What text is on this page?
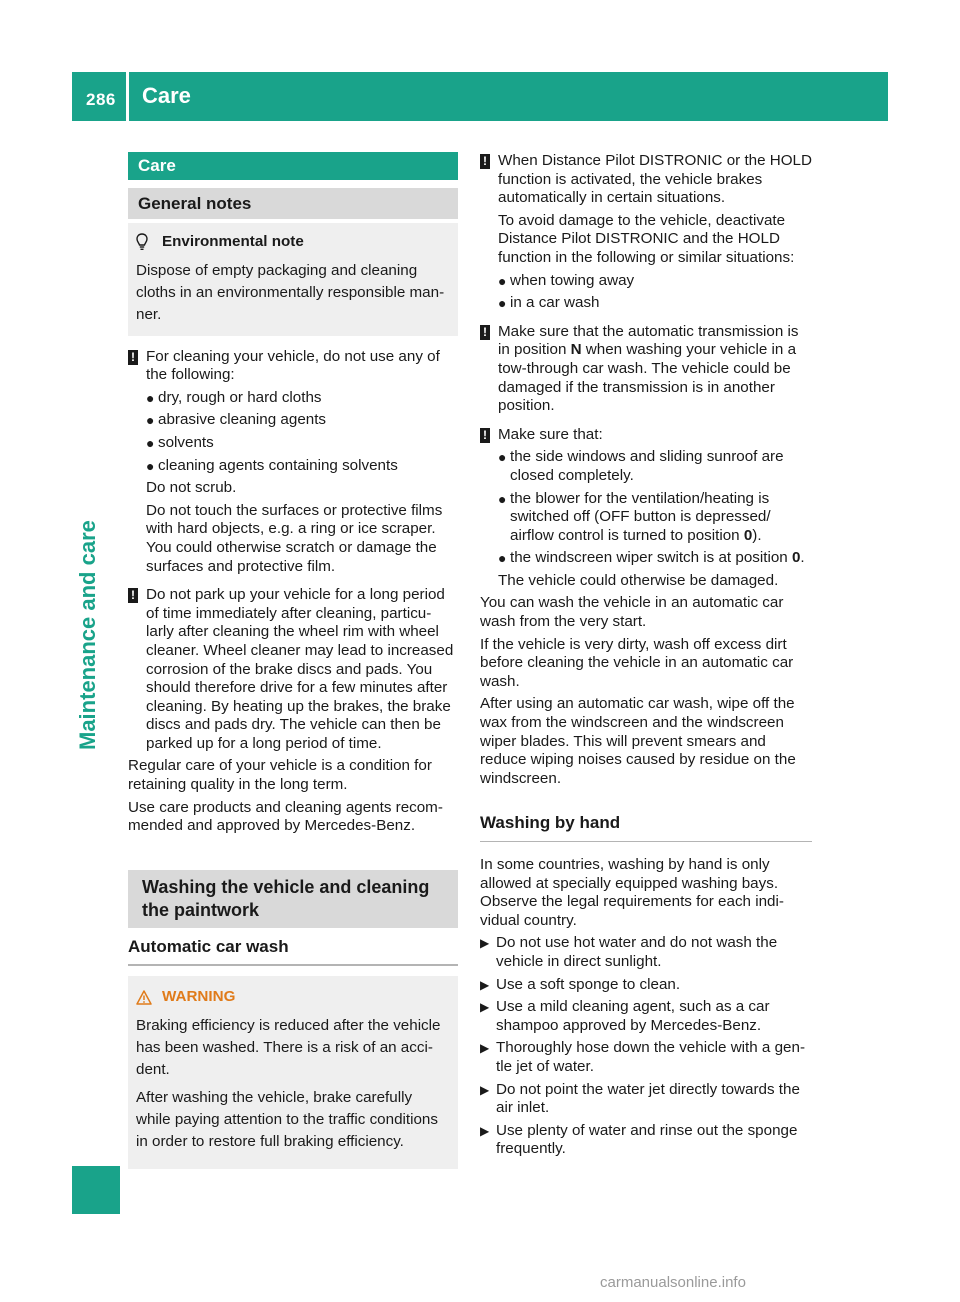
286 Care
Maintenance and care
Care
General notes
Environmental note
Dispose of empty packaging and cleaning
cloths in an environmentally responsible man-
ner.
! For cleaning your vehicle, do not use any of
the following:
● dry, rough or hard cloths
● abrasive cleaning agents
● solvents
● cleaning agents containing solvents

Do not scrub.

Do not touch the surfaces or protective films with hard objects, e.g. a ring or ice scraper. You could otherwise scratch or damage the surfaces and protective film.

! Do not park up your vehicle for a long period of time immediately after cleaning, particu- larly after cleaning the wheel rim with wheel cleaner. Wheel cleaner may lead to increased corrosion of the brake discs and pads. You should therefore drive for a few minutes after cleaning. By heating up the brakes, the brake discs and pads dry. The vehicle can then be parked up for a long period of time.

Regular care of your vehicle is a condition for retaining quality in the long term.

Use care products and cleaning agents recom- mended and approved by Mercedes-Benz.

Washing the vehicle and cleaning the paintwork
Automatic car wash
WARNING

Braking efficiency is reduced after the vehicle has been washed. There is a risk of an acci- dent.

After washing the vehicle, brake carefully while paying attention to the traffic conditions in order to restore full braking efficiency.

! When Distance Pilot DISTRONIC or the HOLD function is activated, the vehicle brakes automatically in certain situations.

To avoid damage to the vehicle, deactivate Distance Pilot DISTRONIC and the HOLD function in the following or similar situations:

● when towing away
● in a car wash
! Make sure that the automatic transmission is in position N when washing your vehicle in a tow-through car wash. The vehicle could be damaged if the transmission is in another position.
! Make sure that:
● the side windows and sliding sunroof are closed completely.
● the blower for the ventilation/heating is switched off (OFF button is depressed/ airflow control is turned to position 0).
● the windscreen wiper switch is at position 0.

The vehicle could otherwise be damaged.

You can wash the vehicle in an automatic car wash from the very start.

If the vehicle is very dirty, wash off excess dirt before cleaning the vehicle in an automatic car wash.

After using an automatic car wash, wipe off the wax from the windscreen and the windscreen wiper blades. This will prevent smears and reduce wiping noises caused by residue on the windscreen.

Washing by hand

In some countries, washing by hand is only allowed at specially equipped washing bays. Observe the legal requirements for each indi- vidual country.

▶ Do not use hot water and do not wash the vehicle in direct sunlight.
▶ Use a soft sponge to clean.
▶ Use a mild cleaning agent, such as a car shampoo approved by Mercedes-Benz.
▶ Thoroughly hose down the vehicle with a gen- tle jet of water.
▶ Do not point the water jet directly towards the air inlet.
▶ Use plenty of water and rinse out the sponge frequently.
carmanualsonline.info
